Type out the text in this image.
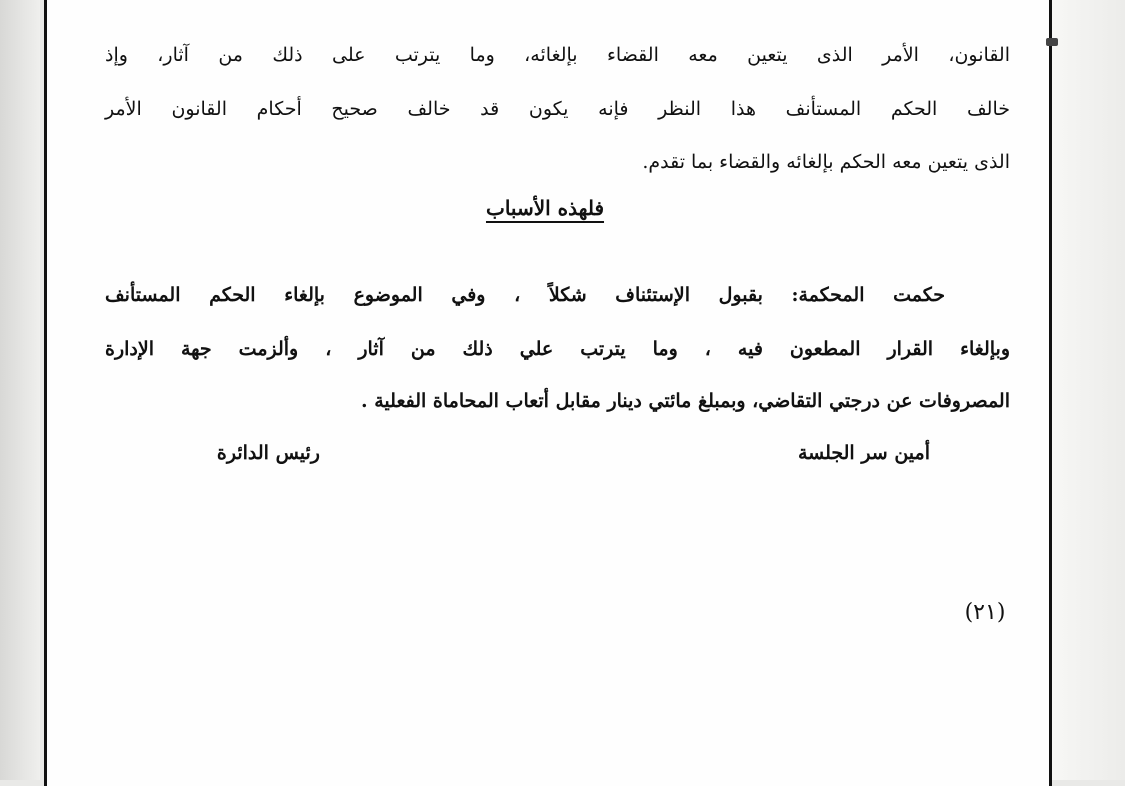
القانون، الأمر الذى يتعين معه القضاء بإلغائه، وما يترتب على ذلك من آثار، وإذ
خالف الحكم المستأنف هذا النظر فإنه يكون قد خالف صحيح أحكام القانون الأمر
الذى يتعين معه الحكم بإلغائه والقضاء بما تقدم.
فلهذه الأسباب
حكمت المحكمة: بقبول الإستئناف شكلاً ، وفي الموضوع بإلغاء الحكم المستأنف
وبإلغاء القرار المطعون فيه ، وما يترتب علي ذلك من آثار ، وألزمت جهة الإدارة
المصروفات عن درجتي التقاضي، وبمبلغ مائتي دينار مقابل أتعاب المحاماة الفعلية .
أمين سر الجلسة
رئيس الدائرة
(٢١)
